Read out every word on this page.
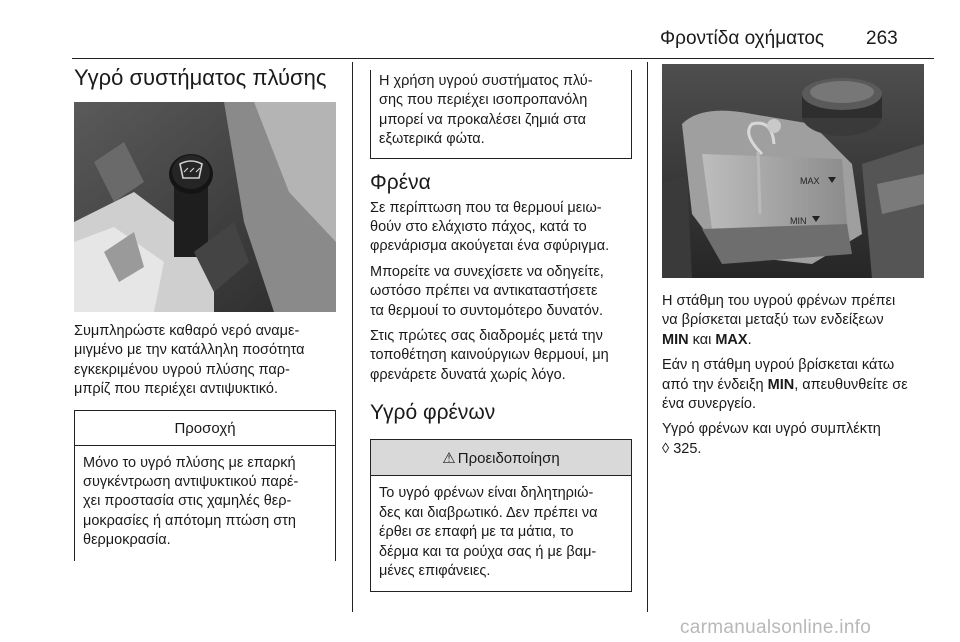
Φροντίδα οχήματος 263
Υγρό συστήματος πλύσης
Συμπληρώστε καθαρό νερό αναμε-
μιγμένο με την κατάλληλη ποσότητα
εγκεκριμένου υγρού πλύσης παρ-
μπρίζ που περιέχει αντιψυκτικό.
Προσοχή
Μόνο το υγρό πλύσης με επαρκή
συγκέντρωση αντιψυκτικού παρέ-
χει προστασία στις χαμηλές θερ-
μοκρασίες ή απότομη πτώση στη
θερμοκρασία.
Η χρήση υγρού συστήματος πλύ-
σης που περιέχει ισοπροπανόλη
μπορεί να προκαλέσει ζημιά στα
εξωτερικά φώτα.
Φρένα
Σε περίπτωση που τα θερμουί μειω-
θούν στο ελάχιστο πάχος, κατά το
φρενάρισμα ακούγεται ένα σφύριγμα.
Μπορείτε να συνεχίσετε να οδηγείτε,
ωστόσο πρέπει να αντικαταστήσετε
τα θερμουί το συντομότερο δυνατόν.
Στις πρώτες σας διαδρομές μετά την
τοποθέτηση καινούργιων θερμουί, μη
φρενάρετε δυνατά χωρίς λόγο.
Υγρό φρένων
⚠ Προειδοποίηση
Το υγρό φρένων είναι δηλητηριώ-
δες και διαβρωτικό. Δεν πρέπει να
έρθει σε επαφή με τα μάτια, το
δέρμα και τα ρούχα σας ή με βαμ-
μένες επιφάνειες.
MAX
MIN
Η στάθμη του υγρού φρένων πρέπει
να βρίσκεται μεταξύ των ενδείξεων
MIN και MAX.
Εάν η στάθμη υγρού βρίσκεται κάτω
από την ένδειξη MIN, απευθυνθείτε σε
ένα συνεργείο.
Υγρό φρένων και υγρό συμπλέκτη
◊ 325.
carmanualsonline.info
